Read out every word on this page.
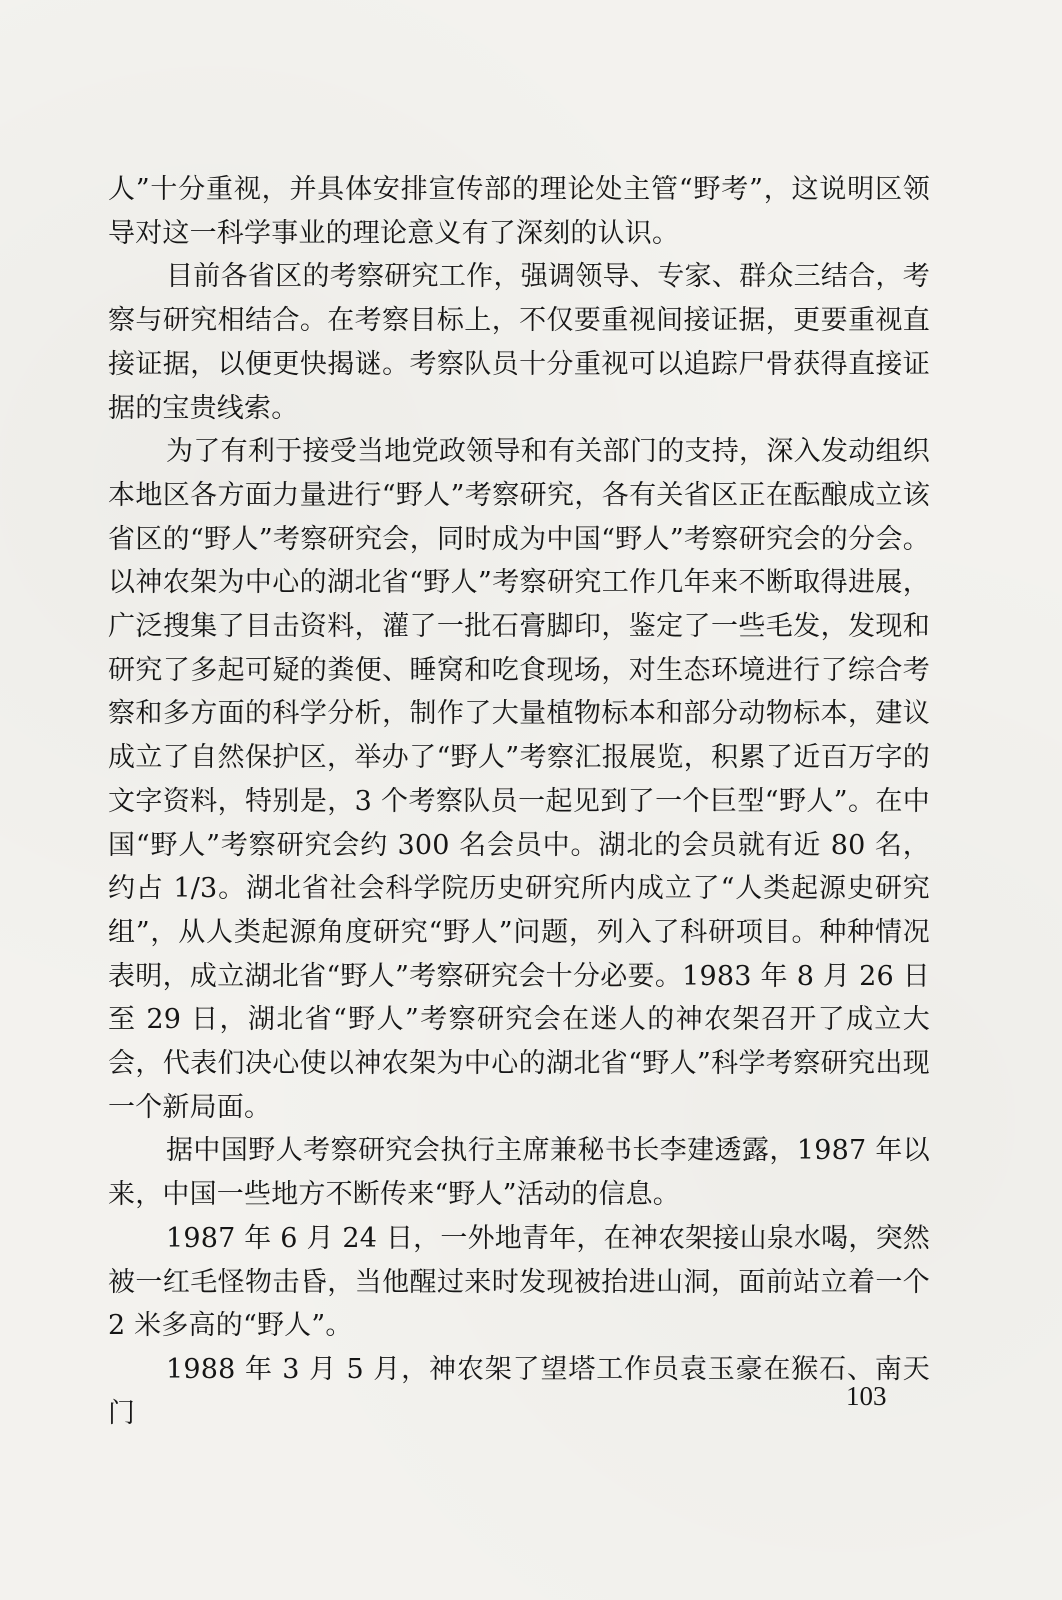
人”十分重视，并具体安排宣传部的理论处主管“野考”，这说明区领导对这一科学事业的理论意义有了深刻的认识。

目前各省区的考察研究工作，强调领导、专家、群众三结合，考察与研究相结合。在考察目标上，不仅要重视间接证据，更要重视直接证据，以便更快揭谜。考察队员十分重视可以追踪尸骨获得直接证据的宝贵线索。

为了有利于接受当地党政领导和有关部门的支持，深入发动组织本地区各方面力量进行“野人”考察研究，各有关省区正在酝酿成立该省区的“野人”考察研究会，同时成为中国“野人”考察研究会的分会。以神农架为中心的湖北省“野人”考察研究工作几年来不断取得进展，广泛搜集了目击资料，灌了一批石膏脚印，鉴定了一些毛发，发现和研究了多起可疑的粪便、睡窝和吃食现场，对生态环境进行了综合考察和多方面的科学分析，制作了大量植物标本和部分动物标本，建议成立了自然保护区，举办了“野人”考察汇报展览，积累了近百万字的文字资料，特别是，3 个考察队员一起见到了一个巨型“野人”。在中国“野人”考察研究会约 300 名会员中。湖北的会员就有近 80 名，约占 1/3。湖北省社会科学院历史研究所内成立了“人类起源史研究组”，从人类起源角度研究“野人”问题，列入了科研项目。种种情况表明，成立湖北省“野人”考察研究会十分必要。1983 年 8 月 26 日至 29 日，湖北省“野人”考察研究会在迷人的神农架召开了成立大会，代表们决心使以神农架为中心的湖北省“野人”科学考察研究出现一个新局面。

据中国野人考察研究会执行主席兼秘书长李建透露，1987 年以来，中国一些地方不断传来“野人”活动的信息。

1987 年 6 月 24 日，一外地青年，在神农架接山泉水喝，突然被一红毛怪物击昏，当他醒过来时发现被抬进山洞，面前站立着一个 2 米多高的“野人”。

1988 年 3 月 5 月，神农架了望塔工作员袁玉豪在猴石、南天门

103
